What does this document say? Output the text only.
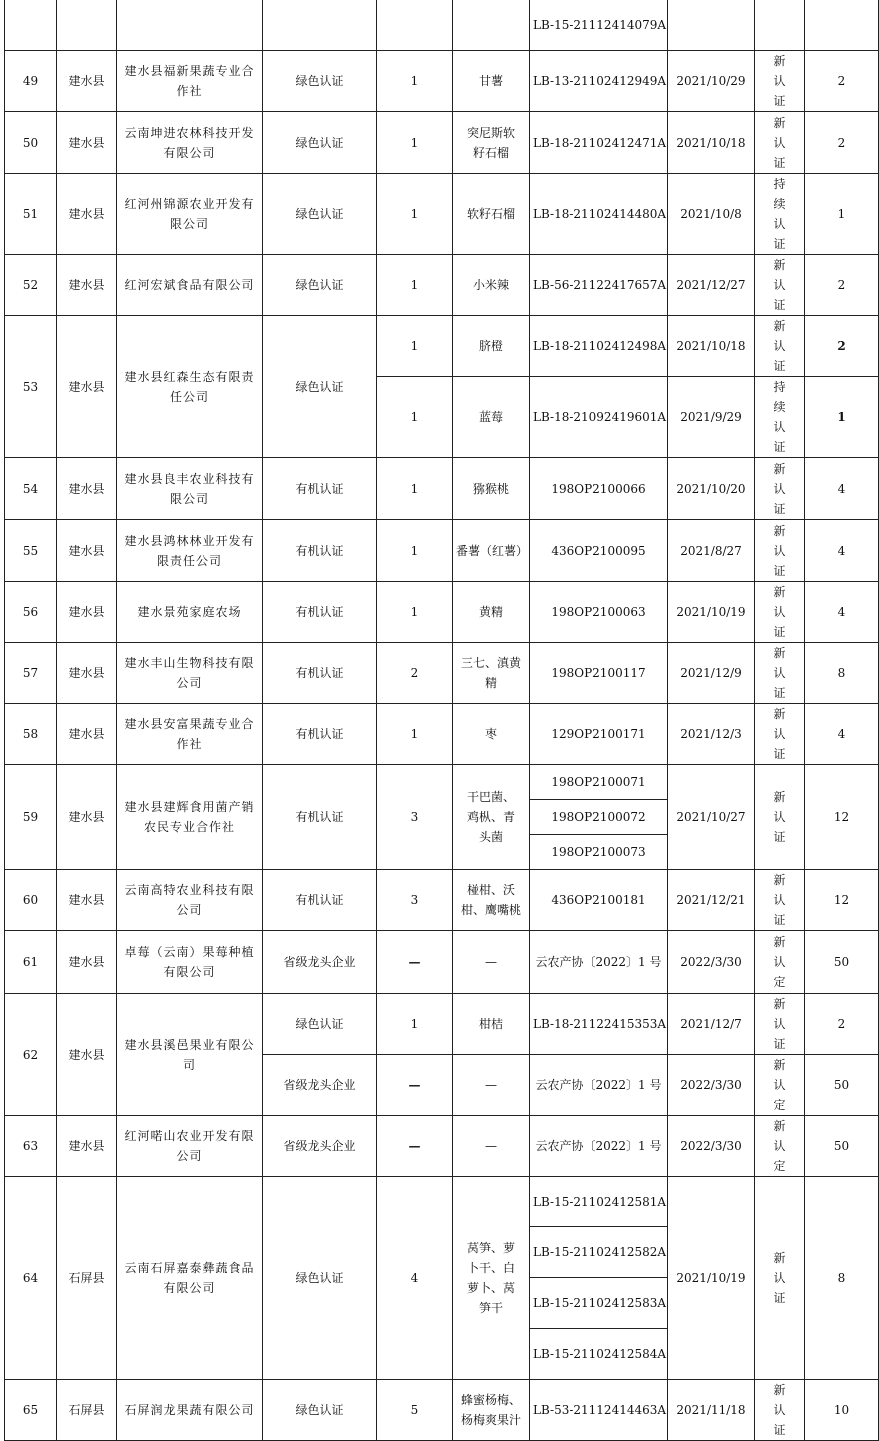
						LB-15-21112414079A			
49	建水县	建水县福新果蔬专业合作社	绿色认证	1	甘薯	LB-13-21102412949A	2021/10/29	新认证	2
50	建水县	云南坤进农林科技开发有限公司	绿色认证	1	突尼斯软籽石榴	LB-18-21102412471A	2021/10/18	新认证	2
51	建水县	红河州锦源农业开发有限公司	绿色认证	1	软籽石榴	LB-18-21102414480A	2021/10/8	持续认证	1
52	建水县	红河宏斌食品有限公司	绿色认证	1	小米辣	LB-56-21122417657A	2021/12/27	新认证	2
53	建水县	建水县红森生态有限责任公司	绿色认证	1	脐橙	LB-18-21102412498A	2021/10/18	新认证	2
				1	蓝莓	LB-18-21092419601A	2021/9/29	持续认证	1
54	建水县	建水县良丰农业科技有限公司	有机认证	1	猕猴桃	198OP2100066	2021/10/20	新认证	4
55	建水县	建水县鸿林林业开发有限责任公司	有机认证	1	番薯（红薯）	436OP2100095	2021/8/27	新认证	4
56	建水县	建水景苑家庭农场	有机认证	1	黄精	198OP2100063	2021/10/19	新认证	4
57	建水县	建水丰山生物科技有限公司	有机认证	2	三七、滇黄精	198OP2100117	2021/12/9	新认证	8
58	建水县	建水县安富果蔬专业合作社	有机认证	1	枣	129OP2100171	2021/12/3	新认证	4
59	建水县	建水县建辉食用菌产销农民专业合作社	有机认证	3	干巴菌、鸡枞、青头菌	198OP2100071	2021/10/27	新认证	12
						198OP2100072			
						198OP2100073			
60	建水县	云南高特农业科技有限公司	有机认证	3	椪柑、沃柑、鹰嘴桃	436OP2100181	2021/12/21	新认证	12
61	建水县	卓莓（云南）果莓种植有限公司	省级龙头企业	—	—	云农产协〔2022〕1 号	2022/3/30	新认定	50
62	建水县	建水县溪邑果业有限公司	绿色认证	1	柑桔	LB-18-21122415353A	2021/12/7	新认证	2
			省级龙头企业	—	—	云农产协〔2022〕1 号	2022/3/30	新认定	50
63	建水县	红河喏山农业开发有限公司	省级龙头企业	—	—	云农产协〔2022〕1 号	2022/3/30	新认定	50
64	石屏县	云南石屏嘉泰彝蔬食品有限公司	绿色认证	4	莴笋、萝卜干、白萝卜、莴笋干	LB-15-21102412581A	2021/10/19	新认证	8
						LB-15-21102412582A			
						LB-15-21102412583A			
						LB-15-21102412584A			
65	石屏县	石屏润龙果蔬有限公司	绿色认证	5	蜂蜜杨梅、杨梅爽果汁	LB-53-21112414463A	2021/11/18	新认证	10
